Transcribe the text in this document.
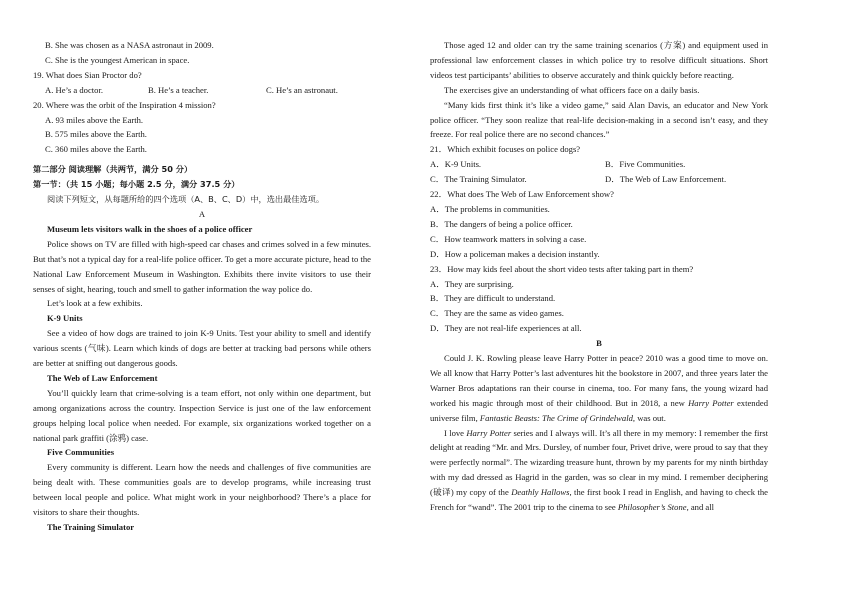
B. She was chosen as a NASA astronaut in 2009.
C. She is the youngest American in space.
19. What does Sian Proctor do?
A. He’s a doctor.	B. He’s a teacher.	C. He’s an astronaut.
20. Where was the orbit of the Inspiration 4 mission?
A. 93 miles above the Earth.
B. 575 miles above the Earth.
C. 360 miles above the Earth.
第二部分 阅读理解（共两节，满分 50 分）
第一节：（共 15 小题；每小题 2.5 分，满分 37.5 分）
阅读下列短文，从每题所给的四个选项（A、B、C、D）中，选出最佳选项。
A
Museum lets visitors walk in the shoes of a police officer
Police shows on TV are filled with high-speed car chases and crimes solved in a few minutes. But that’s not a typical day for a real-life police officer. To get a more accurate picture, head to the National Law Enforcement Museum in Washington. Exhibits there invite visitors to use their senses of sight, hearing, touch and smell to gather information the way police do.
Let’s look at a few exhibits.
K-9 Units
See a video of how dogs are trained to join K-9 Units. Test your ability to smell and identify various scents (气味). Learn which kinds of dogs are better at tracking bad persons while others are better at sniffing out dangerous goods.
The Web of Law Enforcement
You’ll quickly learn that crime-solving is a team effort, not only within one department, but among organizations across the country. Inspection Service is just one of the law enforcement groups helping local police when needed. For example, six organizations worked together on a national park graffiti (涂鸦) case.
Five Communities
Every community is different. Learn how the needs and challenges of five communities are being dealt with. These communities goals are to develop programs, while increasing trust between local people and police. What might work in your neighborhood? There’s a place for visitors to share their thoughts.
The Training Simulator
Those aged 12 and older can try the same training scenarios (方案) and equipment used in professional law enforcement classes in which police try to resolve difficult situations. Short videos test participants’ abilities to observe accurately and think quickly before reacting.
The exercises give an understanding of what officers face on a daily basis.
“Many kids first think it’s like a video game,” said Alan Davis, an educator and New York police officer. “They soon realize that real-life decision-making in a second isn’t easy, and they freeze. For real police there are no second chances.”
21．Which exhibit focuses on police dogs?
A．K-9 Units.	B．Five Communities.
C．The Training Simulator.	D．The Web of Law Enforcement.
22．What does The Web of Law Enforcement show?
A．The problems in communities.
B．The dangers of being a police officer.
C．How teamwork matters in solving a case.
D．How a policeman makes a decision instantly.
23．How may kids feel about the short video tests after taking part in them?
A．They are surprising.
B．They are difficult to understand.
C．They are the same as video games.
D．They are not real-life experiences at all.
B
Could J. K. Rowling please leave Harry Potter in peace? 2010 was a good time to move on. We all know that Harry Potter’s last adventures hit the bookstore in 2007, and three years later the Warner Bros adaptations ran their course in cinema, too. For many fans, the young wizard had worked his magic through most of their childhood. But in 2018, a new Harry Potter extended universe film, Fantastic Beasts: The Crime of Grindelwald, was out.
I love Harry Potter series and I always will. It’s all there in my memory: I remember the first delight at reading “Mr. and Mrs. Dursley, of number four, Privet drive, were proud to say that they were perfectly normal”. The wizarding treasure hunt, thrown by my parents for my ninth birthday with my dad dressed as Hagrid in the garden, was so clear in my mind. I remember deciphering (破译) my copy of the Deathly Hallows, the first book I read in English, and having to check the French for “wand”. The 2001 trip to the cinema to see Philosopher’s Stone, and all
